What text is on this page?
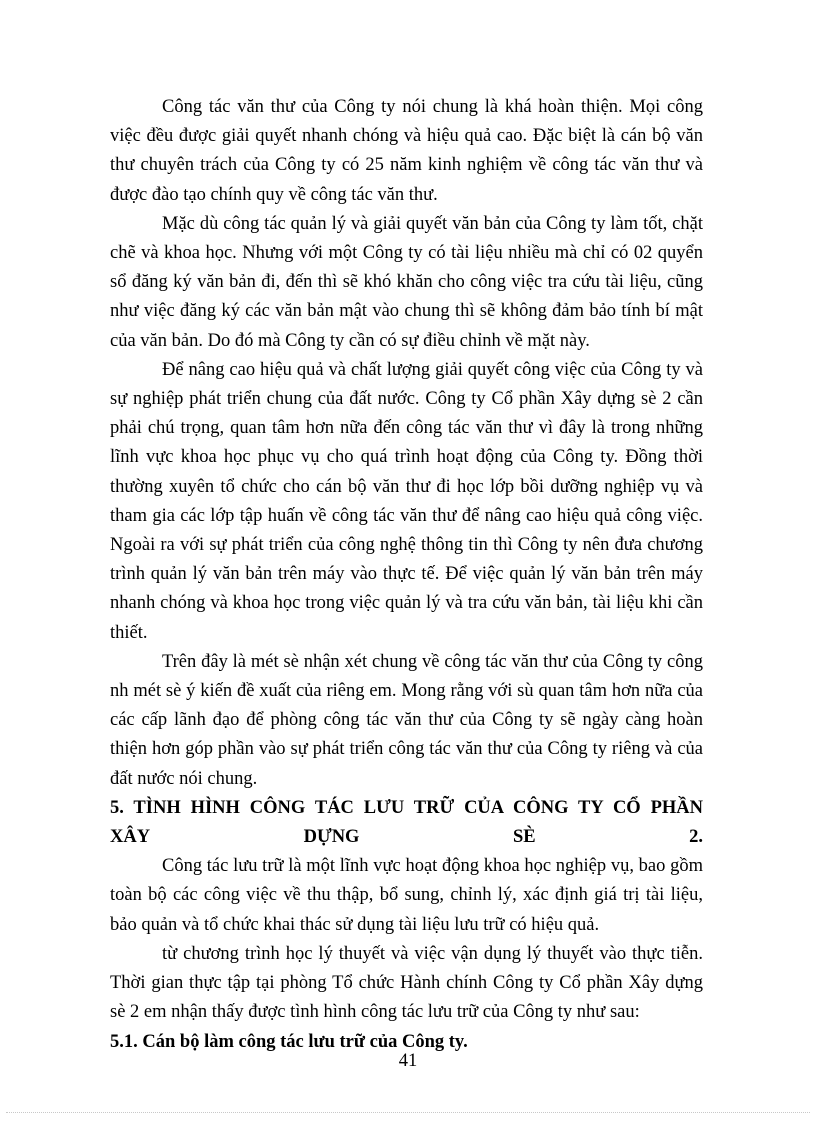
Công tác văn thư của Công ty nói chung là khá hoàn thiện. Mọi công việc đều được giải quyết nhanh chóng và hiệu quả cao. Đặc biệt là cán bộ văn thư chuyên trách của Công ty có 25 năm kinh nghiệm về công tác văn thư và được đào tạo chính quy về công tác văn thư.

Mặc dù công tác quản lý và giải quyết văn bản của Công ty làm tốt, chặt chẽ và khoa học. Nhưng với một Công ty có tài liệu nhiều mà chỉ có 02 quyển sổ đăng ký văn bản đi, đến thì sẽ khó khăn cho công việc tra cứu tài liệu, cũng như việc đăng ký các văn bản mật vào chung thì sẽ không đảm bảo tính bí mật của văn bản. Do đó mà Công ty cần có sự điều chỉnh về mặt này.

Để nâng cao hiệu quả và chất lượng giải quyết công việc của Công ty và sự nghiệp phát triển chung của đất nước. Công ty Cổ phần Xây dựng sè 2 cần phải chú trọng, quan tâm hơn nữa đến công tác văn thư vì đây là trong những lĩnh vực khoa học phục vụ cho quá trình hoạt động của Công ty. Đồng thời thường xuyên tổ chức cho cán bộ văn thư đi học lớp bồi dưỡng nghiệp vụ và tham gia các lớp tập huấn về công tác văn thư để nâng cao hiệu quả công việc. Ngoài ra với sự phát triển của công nghệ thông tin thì Công ty nên đưa chương trình quản lý văn bản trên máy vào thực tế. Để việc quản lý văn bản trên máy nhanh chóng và khoa học trong việc quản lý và tra cứu văn bản, tài liệu khi cần thiết.

Trên đây là mét sè nhận xét chung về công tác văn thư của Công ty công nh mét sè ý kiến đề xuất của riêng em. Mong rằng với sù quan tâm hơn nữa của các cấp lãnh đạo để phòng công tác văn thư của Công ty sẽ ngày càng hoàn thiện hơn góp phần vào sự phát triển công tác văn thư của Công ty riêng và của đất nước nói chung.

5. TÌNH HÌNH CÔNG TÁC LƯU TRỮ CỦA CÔNG TY CỔ PHẦN

XÂY	DỰNG	SÈ	2.

Công tác lưu trữ là một lĩnh vực hoạt động khoa học nghiệp vụ, bao gồm toàn bộ các công việc về thu thập, bổ sung, chỉnh lý, xác định giá trị tài liệu, bảo quản và tổ chức khai thác sử dụng tài liệu lưu trữ có hiệu quả.

từ chương trình học lý thuyết và việc vận dụng lý thuyết vào thực tiễn. Thời gian thực tập tại phòng Tổ chức Hành chính Công ty Cổ phần Xây dựng sè 2 em nhận thấy được tình hình công tác lưu trữ của Công ty như sau:

5.1. Cán bộ làm công tác lưu trữ của Công ty.

41
